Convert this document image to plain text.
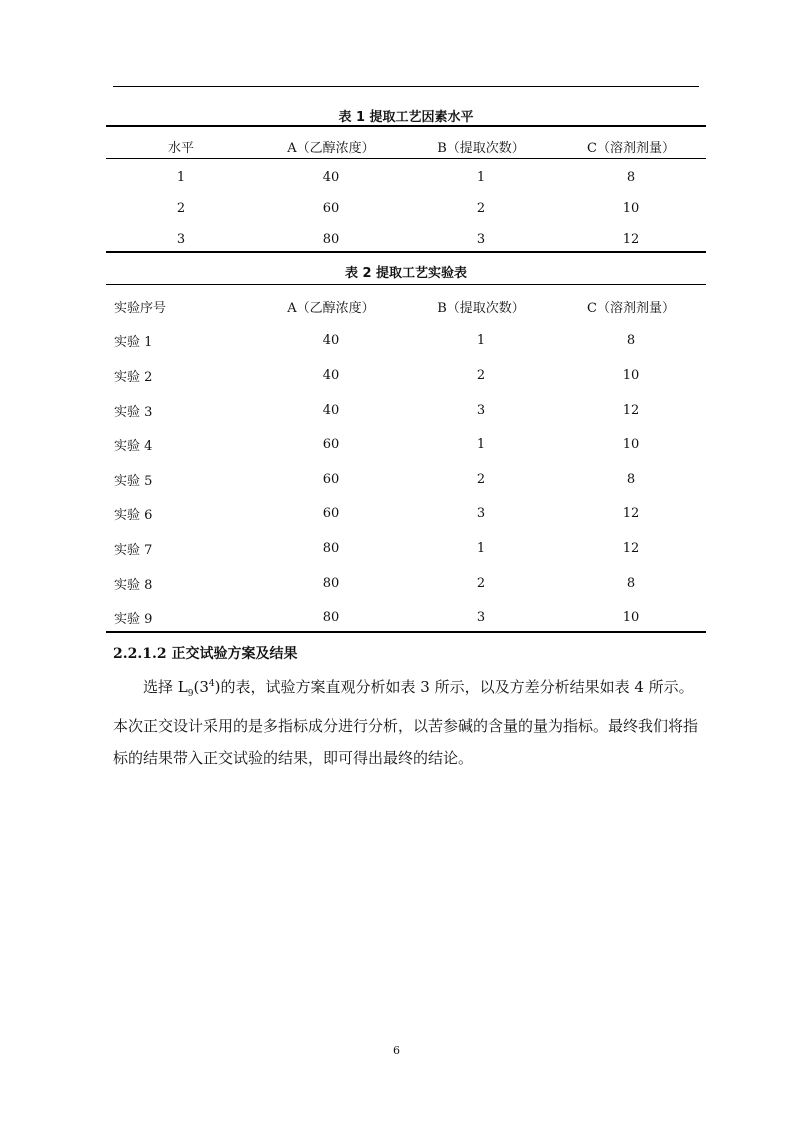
表 1 提取工艺因素水平
水平	A（乙醇浓度）	B（提取次数）	C（溶剂剂量）
1	40	1	8
2	60	2	10
3	80	3	12
表 2 提取工艺实验表
实验序号	A（乙醇浓度）	B（提取次数）	C（溶剂剂量）
实验 1	40	1	8
实验 2	40	2	10
实验 3	40	3	12
实验 4	60	1	10
实验 5	60	2	8
实验 6	60	3	12
实验 7	80	1	12
实验 8	80	2	8
实验 9	80	3	10
2.2.1.2 正交试验方案及结果

选择 $L_9(3^4)$的表，试验方案直观分析如表 3 所示，以及方差分析结果如表 4 所示。本次正交设计采用的是多指标成分进行分析，以苦参碱的含量的量为指标。最终我们将指标的结果带入正交试验的结果，即可得出最终的结论。

6
